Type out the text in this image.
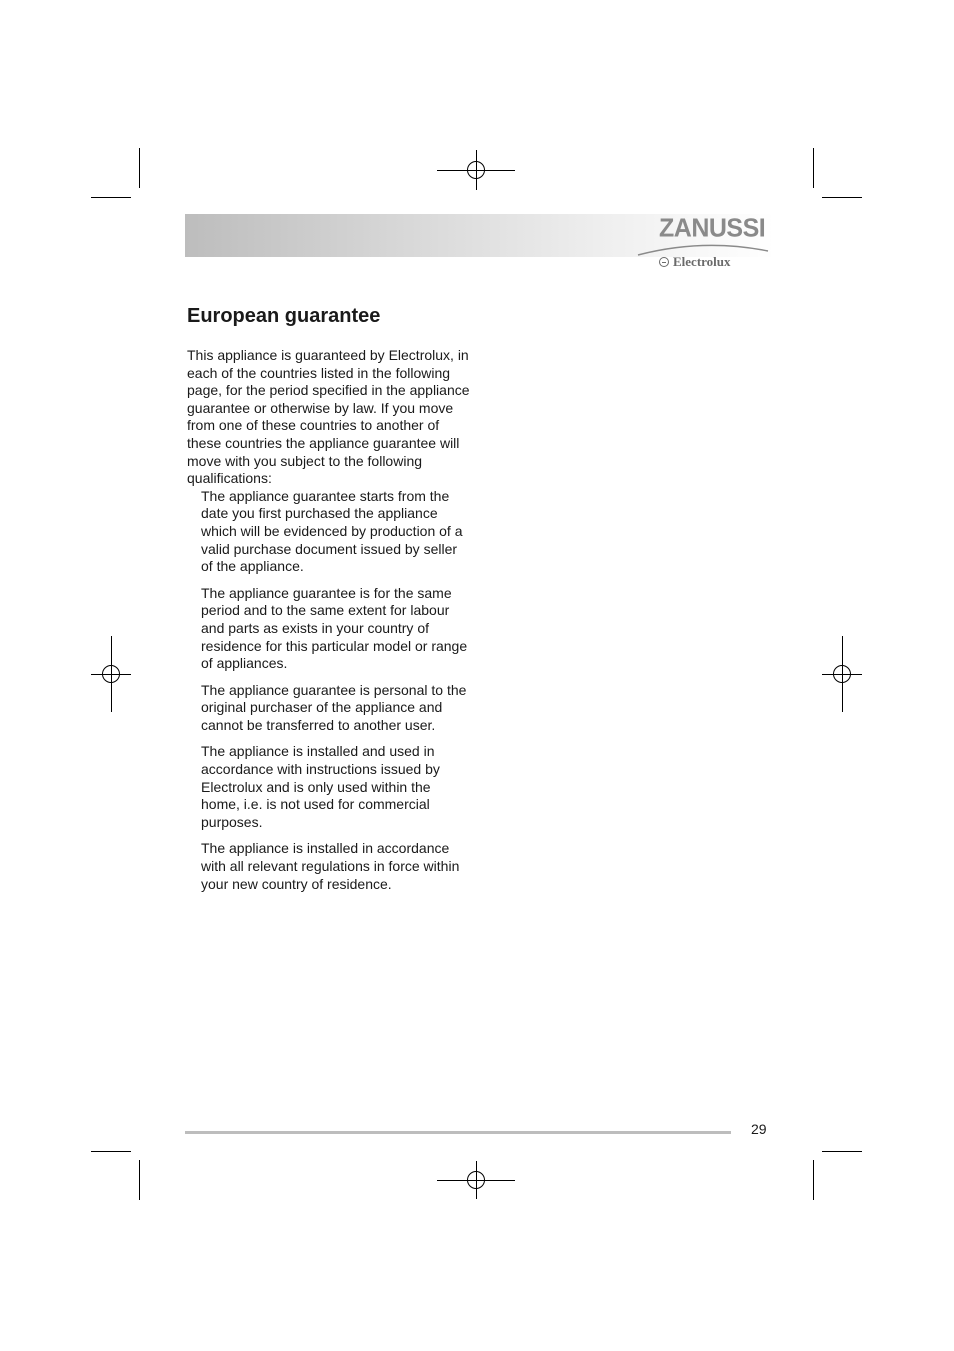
ZANUSSI
Electrolux
European guarantee

This appliance is guaranteed by Electrolux, in each of the countries listed in the following page, for the period specified in the appliance guarantee or otherwise by law. If you move from one of these countries to another of these countries the appliance guarantee will move with you subject to the following qualifications:

The appliance guarantee starts from the date you first purchased the appliance which will be evidenced by production of a valid purchase document issued by seller of the appliance.
The appliance guarantee is for the same period and to the same extent for labour and parts as exists in your country of residence for this particular model or range of appliances.
The appliance guarantee is personal to the original purchaser of the appliance and cannot be transferred to another user.
The appliance is installed and used in accordance with instructions issued by Electrolux and is only used within the home, i.e. is not used for commercial purposes.
The appliance is installed in accordance with all relevant regulations in force within your new country of residence.
29
